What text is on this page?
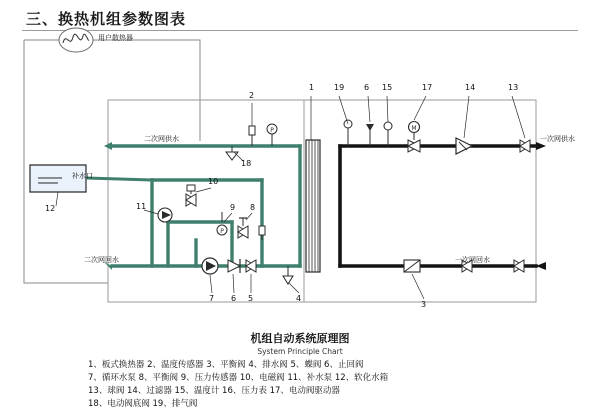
三、换热机组参数图表
P
P
M
用户散热器
补水口
二次网供水
二次网回水
一次网供水
一次网回水
1 19 6 15	17	14	13
18
10
11
12	9 8
7 6 5	4
3
2
机组自动系统原理图
System Principle Chart
1、板式换热器 2、温度传感器 3、平衡阀 4、排水阀 5、蝶阀 6、止回阀
7、循环水泵 8、平衡阀 9、压力传感器 10、电磁阀 11、补水泵 12、软化水箱
13、球阀 14、过滤器 15、温度计 16、压力表 17、电动阀驱动器
18、电动阀底阀 19、排气阀
